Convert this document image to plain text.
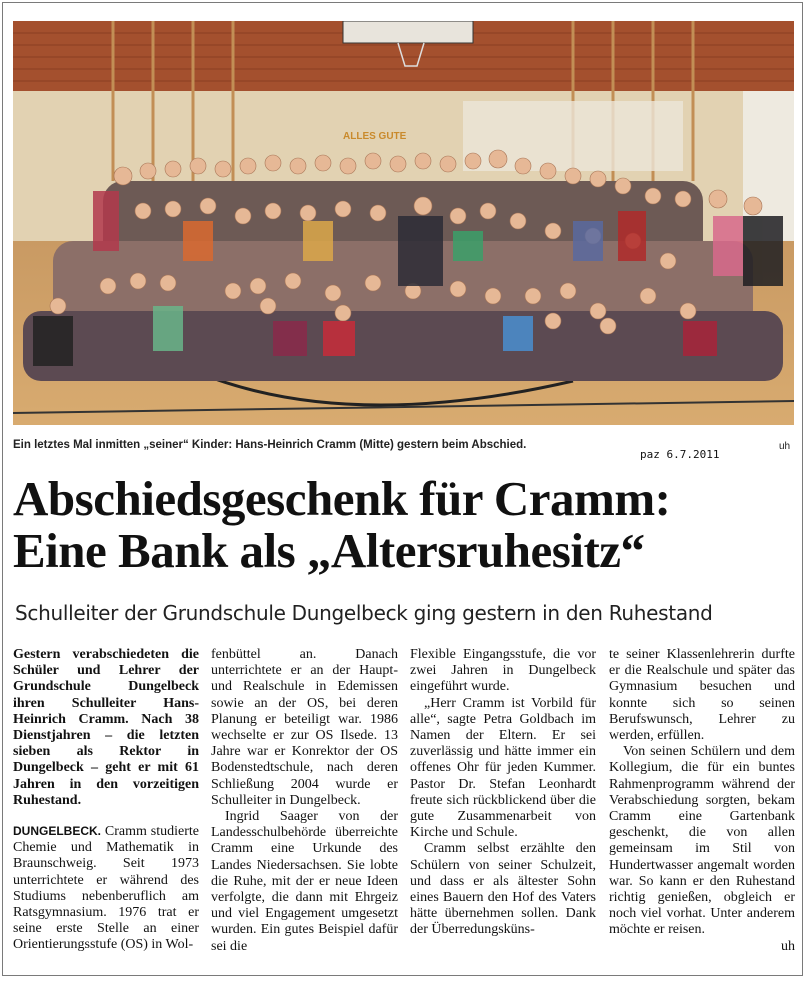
ALLES GUTE
Ein letztes Mal inmitten „seiner“ Kinder: Hans-Heinrich Cramm (Mitte) gestern beim Abschied.
paz 6.7.2011
uh
Abschiedsgeschenk für Cramm:
Eine Bank als „Altersruhesitz“
Schulleiter der Grundschule Dungelbeck ging gestern in den Ruhestand

Gestern verabschiedeten die Schüler und Lehrer der Grundschule Dungelbeck ihren Schulleiter Hans-Heinrich Cramm. Nach 38 Dienstjahren – die letzten sieben als Rektor in Dungelbeck – geht er mit 61 Jahren in den vorzeitigen Ruhestand.

DUNGELBECK. Cramm studierte Chemie und Mathematik in Braunschweig. Seit 1973 unterrichtete er während des Studiums nebenberuflich am Ratsgymnasium. 1976 trat er seine erste Stelle an einer Orientierungsstufe (OS) in Wol-

fenbüttel an. Danach unterrichtete er an der Haupt- und Realschule in Edemissen sowie an der OS, bei deren Planung er beteiligt war. 1986 wechselte er zur OS Ilsede. 13 Jahre war er Konrektor der OS Bodenstedtschule, nach deren Schließung 2004 wurde er Schulleiter in Dungelbeck.

Ingrid Saager von der Landesschulbehörde überreichte Cramm eine Urkunde des Landes Niedersachsen. Sie lobte die Ruhe, mit der er neue Ideen verfolgte, die dann mit Ehrgeiz und viel Engagement umgesetzt wurden. Ein gutes Beispiel dafür sei die

Flexible Eingangsstufe, die vor zwei Jahren in Dungelbeck eingeführt wurde.

„Herr Cramm ist Vorbild für alle“, sagte Petra Goldbach im Namen der Eltern. Er sei zuverlässig und hätte immer ein offenes Ohr für jeden Kummer. Pastor Dr. Stefan Leonhardt freute sich rückblickend über die gute Zusammenarbeit von Kirche und Schule.

Cramm selbst erzählte den Schülern von seiner Schulzeit, und dass er als ältester Sohn eines Bauern den Hof des Vaters hätte übernehmen sollen. Dank der Überredungsküns-

te seiner Klassenlehrerin durfte er die Realschule und später das Gymnasium besuchen und konnte sich so seinen Berufswunsch, Lehrer zu werden, erfüllen.

Von seinen Schülern und dem Kollegium, die für ein buntes Rahmenprogramm während der Verabschiedung sorgten, bekam Cramm eine Gartenbank geschenkt, die von allen gemeinsam im Stil von Hundertwasser angemalt worden war. So kann er den Ruhestand richtig genießen, obgleich er noch viel vorhat. Unter anderem möchte er reisen.

uh
